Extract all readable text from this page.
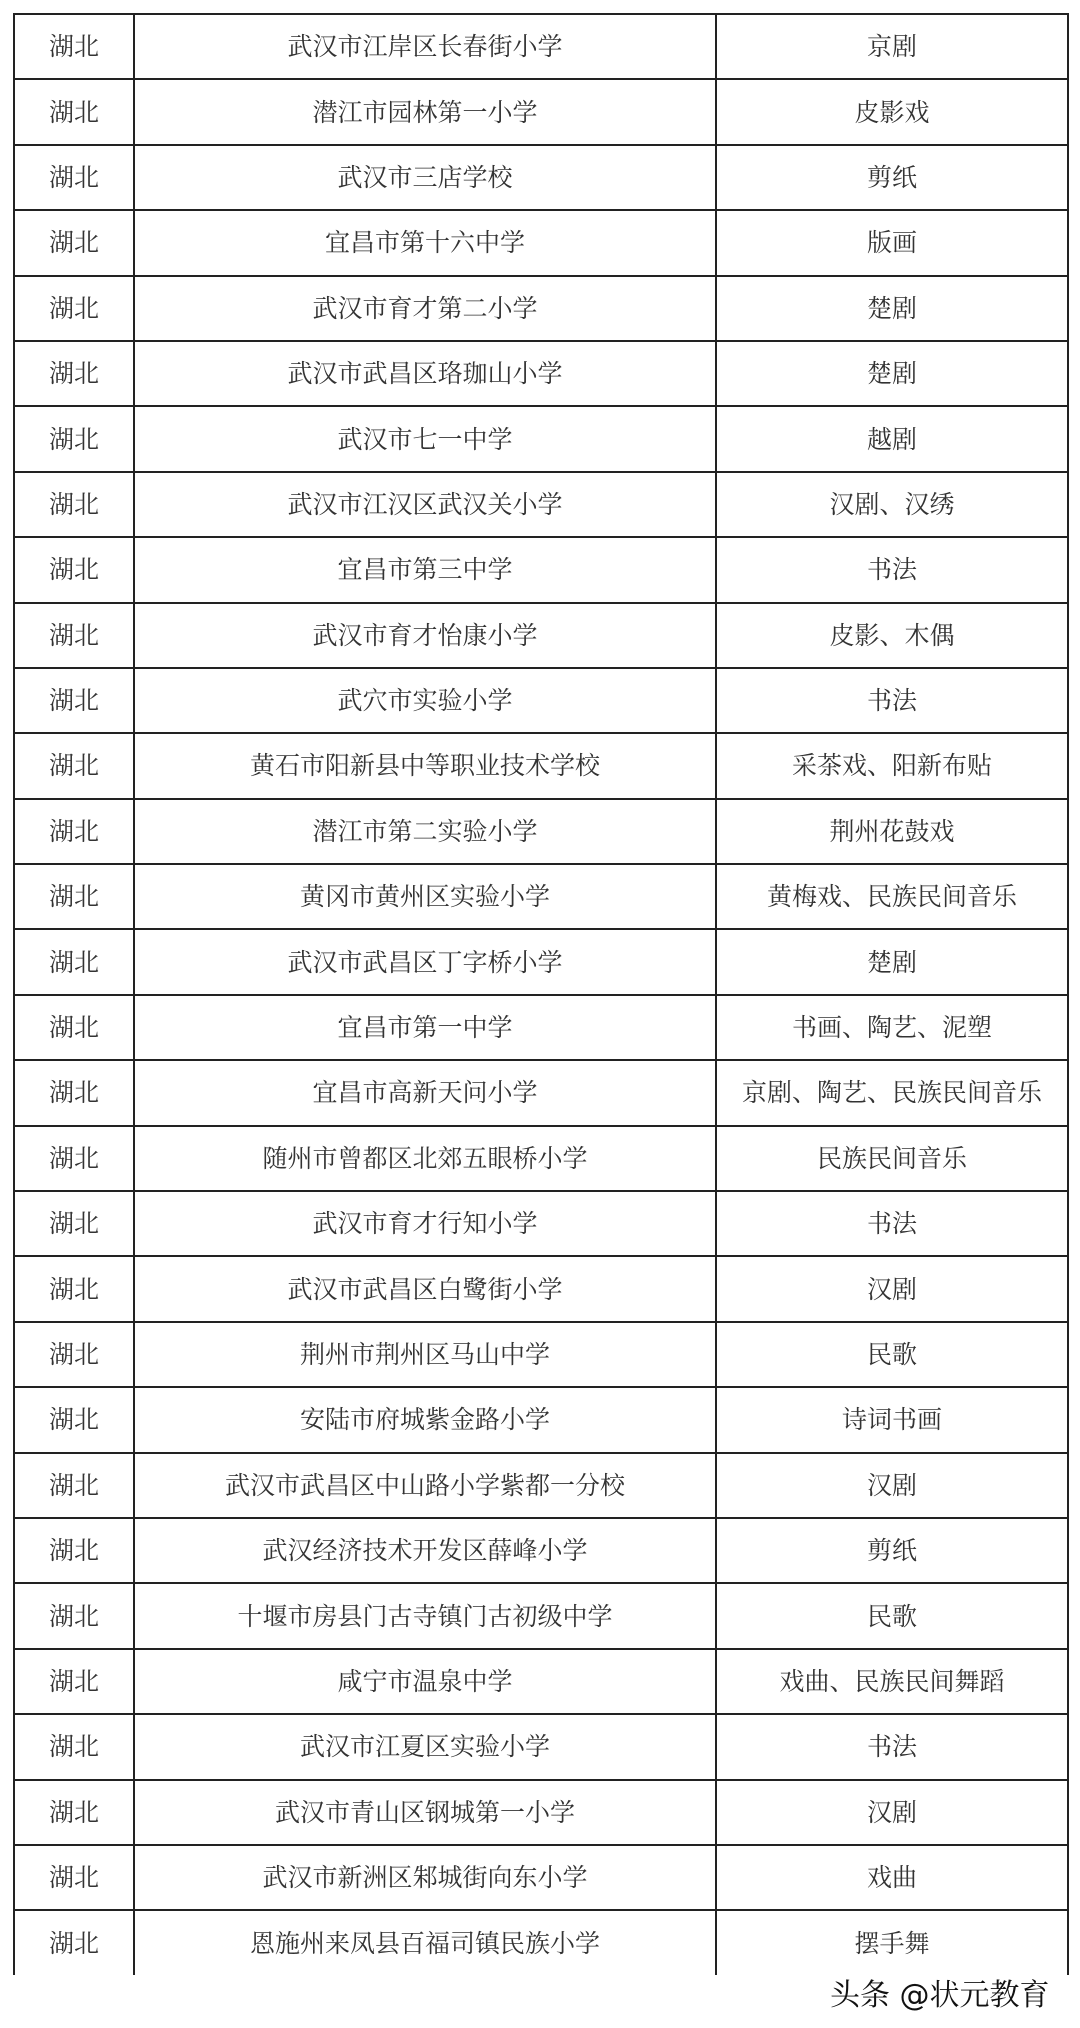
湖北	武汉市江岸区长春街小学	京剧
湖北	潜江市园林第一小学	皮影戏
湖北	武汉市三店学校	剪纸
湖北	宜昌市第十六中学	版画
湖北	武汉市育才第二小学	楚剧
湖北	武汉市武昌区珞珈山小学	楚剧
湖北	武汉市七一中学	越剧
湖北	武汉市江汉区武汉关小学	汉剧、汉绣
湖北	宜昌市第三中学	书法
湖北	武汉市育才怡康小学	皮影、木偶
湖北	武穴市实验小学	书法
湖北	黄石市阳新县中等职业技术学校	采茶戏、阳新布贴
湖北	潜江市第二实验小学	荆州花鼓戏
湖北	黄冈市黄州区实验小学	黄梅戏、民族民间音乐
湖北	武汉市武昌区丁字桥小学	楚剧
湖北	宜昌市第一中学	书画、陶艺、泥塑
湖北	宜昌市高新天问小学	京剧、陶艺、民族民间音乐
湖北	随州市曾都区北郊五眼桥小学	民族民间音乐
湖北	武汉市育才行知小学	书法
湖北	武汉市武昌区白鹭街小学	汉剧
湖北	荆州市荆州区马山中学	民歌
湖北	安陆市府城紫金路小学	诗词书画
湖北	武汉市武昌区中山路小学紫都一分校	汉剧
湖北	武汉经济技术开发区薛峰小学	剪纸
湖北	十堰市房县门古寺镇门古初级中学	民歌
湖北	咸宁市温泉中学	戏曲、民族民间舞蹈
湖北	武汉市江夏区实验小学	书法
湖北	武汉市青山区钢城第一小学	汉剧
湖北	武汉市新洲区邾城街向东小学	戏曲
湖北	恩施州来凤县百福司镇民族小学	摆手舞
头条 @状元教育
